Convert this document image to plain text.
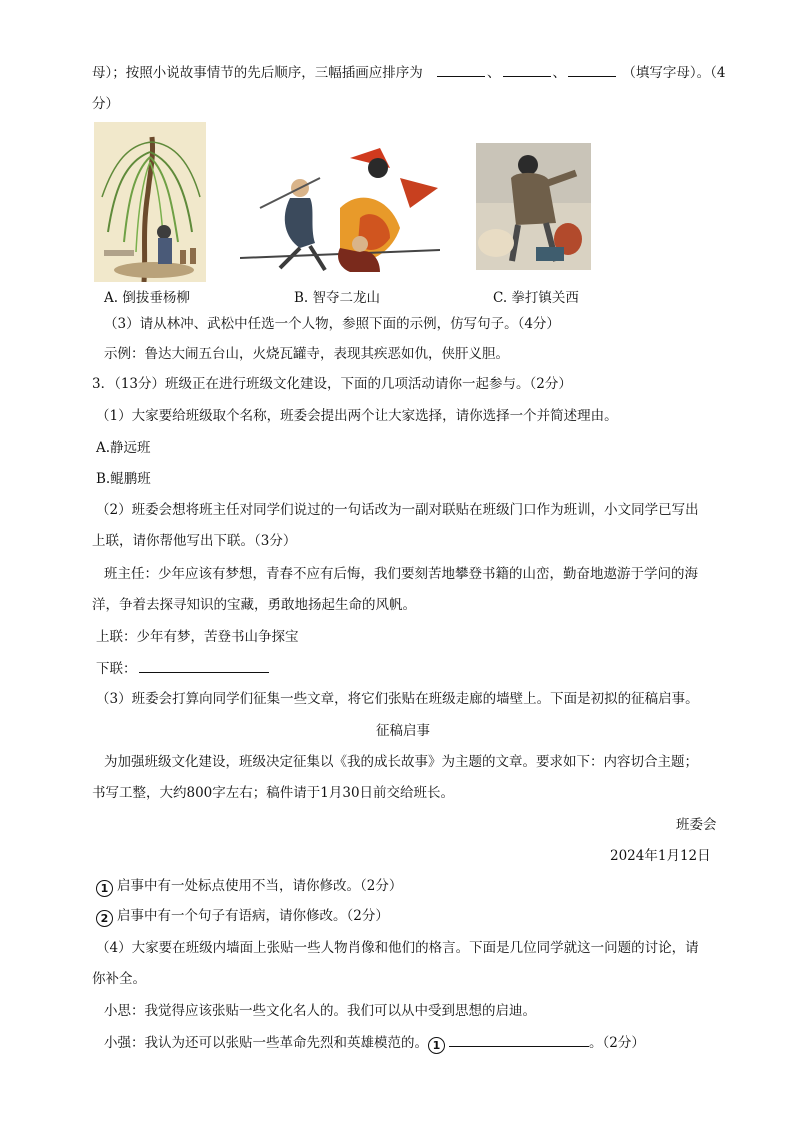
母）；按照小说故事情节的先后顺序，三幅插画应排序为	、	、	（填写字母）。（4
分）
A. 倒拔垂杨柳	B. 智夺二龙山	C. 拳打镇关西
（3）请从林冲、武松中任选一个人物，参照下面的示例，仿写句子。（4分）
示例：鲁达大闹五台山，火烧瓦罐寺，表现其疾恶如仇，侠肝义胆。
3．（13分）班级正在进行班级文化建设，下面的几项活动请你一起参与。（2分）
（1）大家要给班级取个名称，班委会提出两个让大家选择，请你选择一个并简述理由。
A.静远班
B.鲲鹏班
（2）班委会想将班主任对同学们说过的一句话改为一副对联贴在班级门口作为班训，小文同学已写出
上联，请你帮他写出下联。（3分）
班主任：少年应该有梦想，青春不应有后悔，我们要刻苦地攀登书籍的山峦，勤奋地遨游于学问的海
洋，争着去探寻知识的宝藏，勇敢地扬起生命的风帆。
上联：少年有梦，苦登书山争探宝
下联：
（3）班委会打算向同学们征集一些文章，将它们张贴在班级走廊的墙壁上。下面是初拟的征稿启事。
征稿启事
为加强班级文化建设，班级决定征集以《我的成长故事》为主题的文章。要求如下：内容切合主题；
书写工整，大约800字左右；稿件请于1月30日前交给班长。
班委会
2024年1月12日
1 启事中有一处标点使用不当，请你修改。（2分）
2 启事中有一个句子有语病，请你修改。（2分）
（4）大家要在班级内墙面上张贴一些人物肖像和他们的格言。下面是几位同学就这一问题的讨论，请
你补全。
小思：我觉得应该张贴一些文化名人的。我们可以从中受到思想的启迪。
小强：我认为还可以张贴一些革命先烈和英雄模范的。 1	。（2分）
